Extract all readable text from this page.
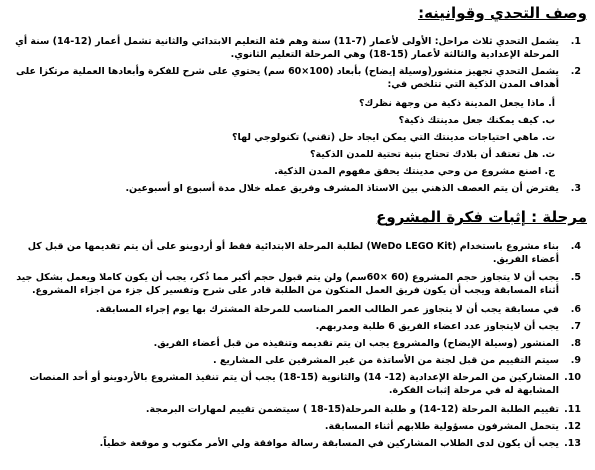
وصف التحدي وقوانينه:
1.يشمل التحدي ثلاث مراحل: الأولى لأعمار (7-11) سنة وهم فئة التعليم الابتدائي والثانية تشمل أعمار (12-14) سنة أي
المرحلة الإعدادية والثالثة لأعمار (15-18) وهي المرحلة التعليم الثانوي.
2.يشمل التحدي تجهيز منشور(وسيلة إيضاح) بأبعاد (100×60 سم) يحتوي على شرح للفكرة وأبعادها العملية مرتكزا على
أهداف المدن الذكية التي تتلخص في:
أ. ماذا يجعل المدينة ذكية من وجهة نظرك؟
ب. كيف يمكنك جعل مدينتك ذكية؟
ت. ماهي احتياجات مدينتك التي يمكن ايجاد حل (تقني) تكنولوجي لها؟
ث. هل تعتقد أن بلادك تحتاج بنية تحتية للمدن الذكية؟
ج. اصنع مشروع من وحي مدينتك يحقق مفهوم المدن الذكية.
3.يفترض أن يتم العصف الذهني بين الاستاذ المشرف وفريق عمله خلال مدة أسبوع او أسبوعين.
مرحلة : إثبات فكرة المشروع
4.بناء مشروع باستخدام (WeDo LEGO Kit) لطلبة المرحلة الابتدائية فقط أو أردوينو على أن يتم تقديمها من قبل كل
أعضاء الفريق.
5.يجب أن لا يتجاوز حجم المشروع (60 ×60سم) ولن يتم قبول حجم أكبر مما ذُكر، يجب أن يكون كاملا ويعمل بشكل جيد
أثناء المسابقة ويجب أن يكون فريق العمل المتكون من الطلبة قادر على شرح وتفسير كل جزء من اجزاء المشروع.
6.في مسابقة يجب أن لا يتجاوز عمر الطالب العمر المناسب للمرحلة المشترك بها يوم إجراء المسابقة.
7.يجب أن لايتجاوز عدد اعضاء الفريق 6 طلبة ومدربهم.
8.المنشور (وسيلة الإيضاح) والمشروع يجب ان يتم تقديمه وتنفيذه من قبل أعضاء الفريق.
9.سيتم التقييم من قبل لجنة من الأساتذة من غير المشرفين على المشاريع .
10.المشاركين من المرحلة الإعدادية (12- 14) والثانوية (15-18) يجب أن يتم تنفيذ المشروع بالأردوينو أو أحد المنصات
المشابهة له في مرحلة إثبات الفكرة.
11.تقييم الطلبة المرحلة (12-14) و طلبة المرحلة(15-18 ) سيتضمن تقييم لمهارات البرمجة.
12.يتحمل المشرفون مسؤولية طلابهم أثناء المسابقة.
13.يجب أن يكون لدى الطلاب المشاركين في المسابقة رسالة موافقة ولي الأمر مكتوب و موقعة خطياً.
